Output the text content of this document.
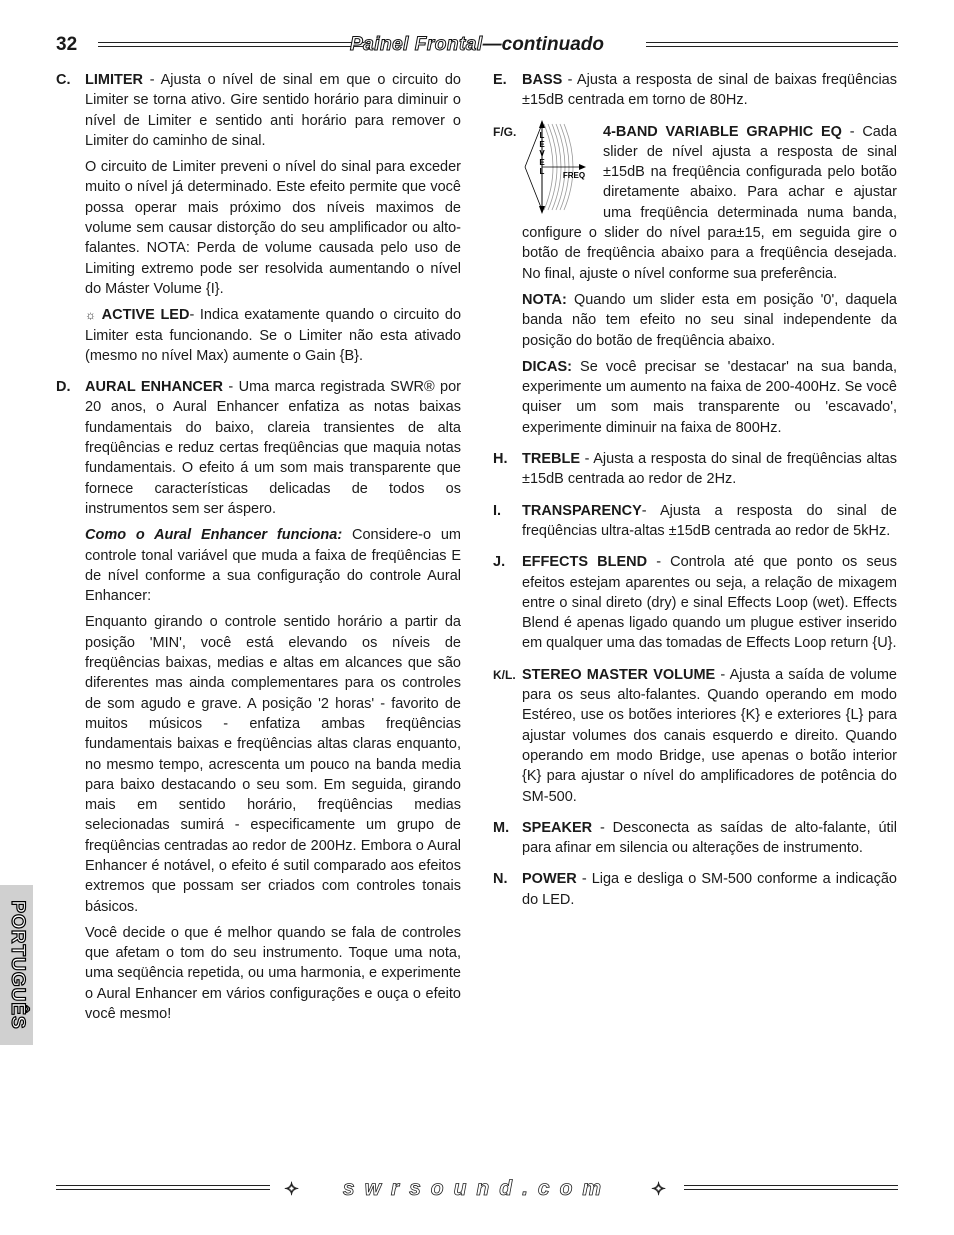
32	Painel Frontal—continuado
PORTUGUÊS
C. LIMITER - Ajusta o nível de sinal em que o circuito do Limiter se torna ativo. Gire sentido horário para diminuir o nível de Limiter e sentido anti horário para remover o Limiter do caminho de sinal.

O circuito de Limiter preveni o nível do sinal para exceder muito o nível já determinado. Este efeito permite que você possa operar mais próximo dos níveis maximos de volume sem causar distorção do seu amplificador ou alto-falantes. NOTA: Perda de volume causada pelo uso de Limiting extremo pode ser resolvida aumentando o nível do Máster Volume {I}.

☼ ACTIVE LED- Indica exatamente quando o circuito do Limiter esta funcionando. Se o Limiter não esta ativado (mesmo no nível Max) aumente o Gain {B}.

D. AURAL ENHANCER - Uma marca registrada SWR® por 20 anos, o Aural Enhancer enfatiza as notas baixas fundamentais do baixo, clareia transientes de alta freqüências e reduz certas freqüências que maquia notas fundamentais. O efeito á um som mais transparente que fornece características delicadas de todos os instrumentos sem ser áspero.

Como o Aural Enhancer funciona: Considere-o um controle tonal variável que muda a faixa de freqüências E de nível conforme a sua configuração do controle Aural Enhancer:

Enquanto girando o controle sentido horário a partir da posição 'MIN', você está elevando os níveis de freqüências baixas, medias e altas em alcances que são diferentes mas ainda complementares para os controles de som agudo e grave. A posição '2 horas' - favorito de muitos músicos - enfatiza ambas freqüências fundamentais baixas e freqüências altas claras enquanto, no mesmo tempo, acrescenta um pouco na banda media para baixo destacando o seu som. Em seguida, girando mais em sentido horário, freqüências medias selecionadas sumirá - especificamente um grupo de freqüências centradas ao redor de 200Hz. Embora o Aural Enhancer é notável, o efeito é sutil comparado aos efeitos extremos que possam ser criados com controles tonais básicos.

Você decide o que é melhor quando se fala de controles que afetam o tom do seu instrumento. Toque uma nota, uma seqüência repetida, ou uma harmonia, e experimente o Aural Enhancer em vários configurações e ouça o efeito você mesmo!

E. BASS - Ajusta a resposta de sinal de baixas freqüências ±15dB centrada em torno de 80Hz.

F/G.	L E V E L FREQ

4-BAND VARIABLE GRAPHIC EQ - Cada slider de nível ajusta a resposta de sinal ±15dB na freqüência configurada pelo botão diretamente abaixo. Para achar e ajustar uma freqüência determinada numa banda, configure o slider do nível para±15, em seguida gire o botão de freqüência abaixo para a freqüência desejada. No final, ajuste o nível conforme sua preferência.

NOTA: Quando um slider esta em posição '0', daquela banda não tem efeito no seu sinal independente da posição do botão de freqüência abaixo.

DICAS: Se você precisar se 'destacar' na sua banda, experimente um aumento na faixa de 200-400Hz. Se você quiser um som mais transparente ou 'escavado', experimente diminuir na faixa de 800Hz.

H. TREBLE - Ajusta a resposta do sinal de freqüências altas ±15dB centrada ao redor de 2Hz.

I. TRANSPARENCY- Ajusta a resposta do sinal de freqüências ultra-altas ±15dB centrada ao redor de 5kHz.

J. EFFECTS BLEND - Controla até que ponto os seus efeitos estejam aparentes ou seja, a relação de mixagem entre o sinal direto (dry) e sinal Effects Loop (wet). Effects Blend é apenas ligado quando um plugue estiver inserido em qualquer uma das tomadas de Effects Loop return {U}.

K/L. STEREO MASTER VOLUME - Ajusta a saída de volume para os seus alto-falantes. Quando operando em modo Estéreo, use os botões interiores {K} e exteriores {L} para ajustar volumes dos canais esquerdo e direito. Quando operando em modo Bridge, use apenas o botão interior {K} para ajustar o nível do amplificadores de potência do SM-500.

M. SPEAKER - Desconecta as saídas de alto-falante, útil para afinar em silencia ou alterações de instrumento.

N. POWER - Liga e desliga o SM-500 conforme a indicação do LED.

✧	swrsound.com	✧
